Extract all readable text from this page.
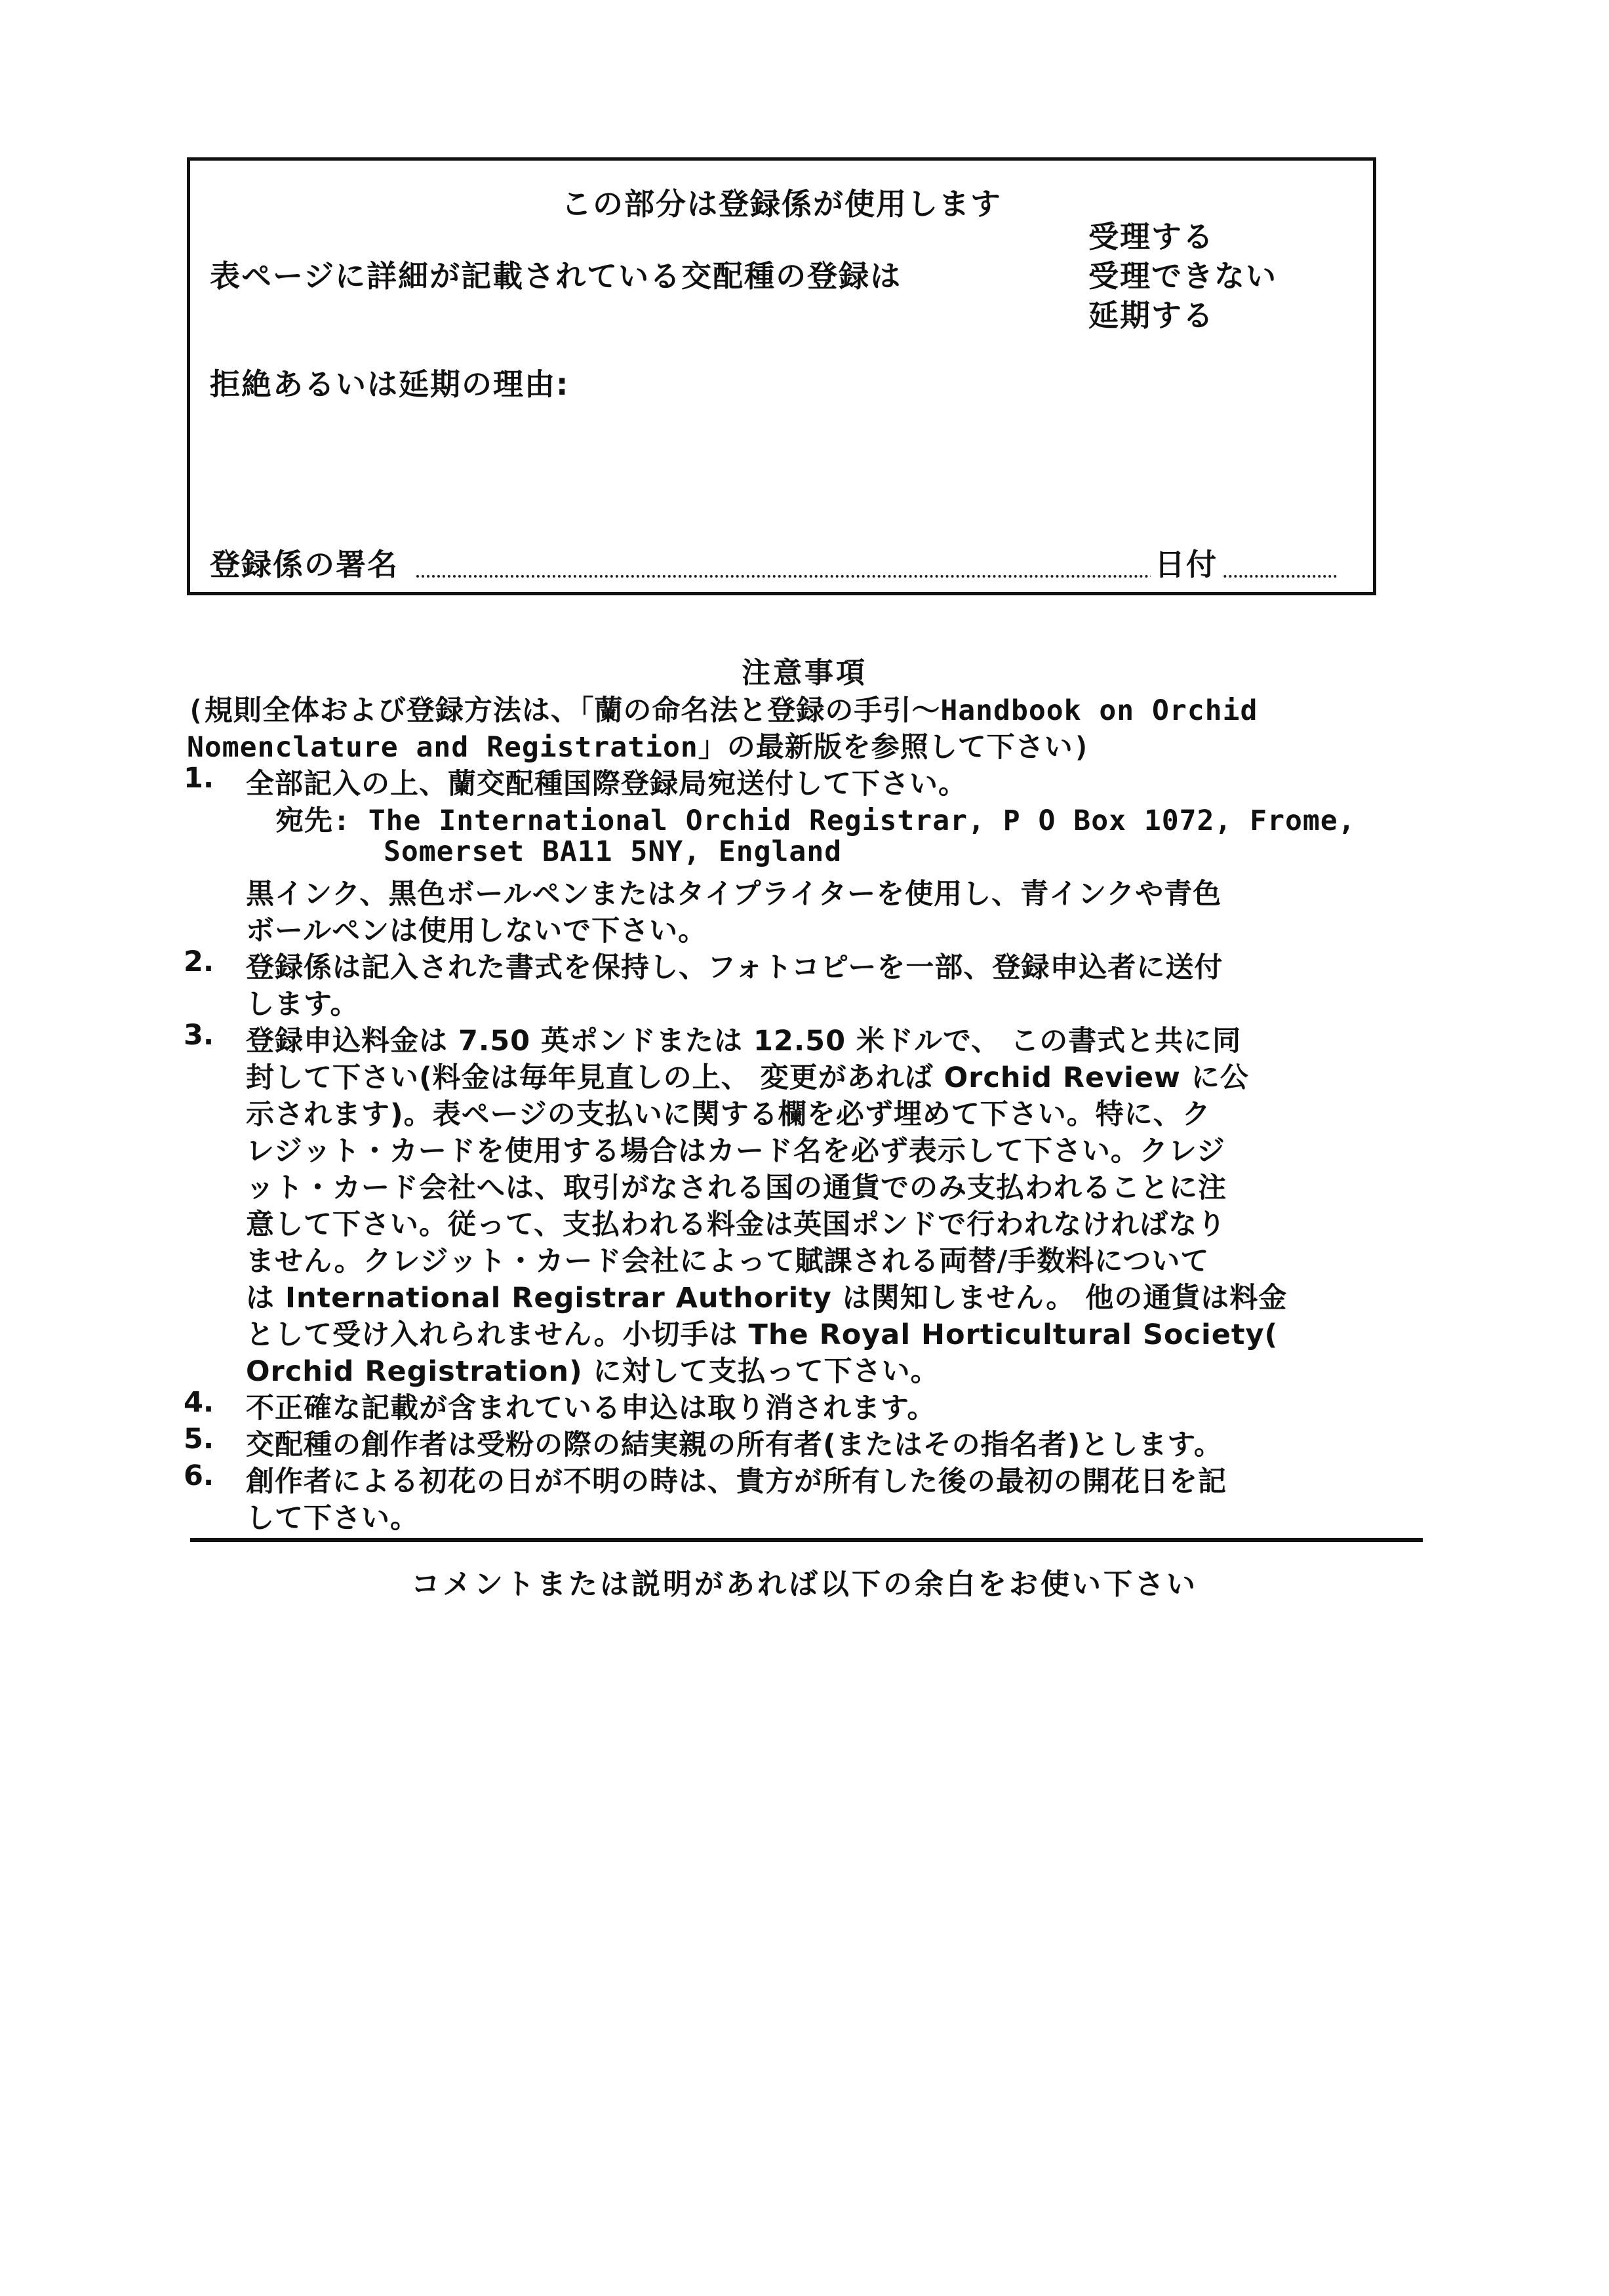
この部分は登録係が使用します
表ページに詳細が記載されている交配種の登録は
受理する
受理できない
延期する
拒絶あるいは延期の理由:
登録係の署名	日付
注意事項
(規則全体および登録方法は、「蘭の命名法と登録の手引〜Handbook on Orchid
Nomenclature and Registration」の最新版を参照して下さい)
1. 全部記入の上、蘭交配種国際登録局宛送付して下さい。
宛先: The International Orchid Registrar, P O Box 1072, Frome,
Somerset BA11 5NY, England
黒インク、黒色ボールペンまたはタイプライターを使用し、青インクや青色
ボールペンは使用しないで下さい。
2. 登録係は記入された書式を保持し、フォトコピーを一部、登録申込者に送付
します。
3. 登録申込料金は 7.50 英ポンドまたは 12.50 米ドルで、 この書式と共に同
封して下さい(料金は毎年見直しの上、 変更があれば Orchid Review に公
示されます)。表ページの支払いに関する欄を必ず埋めて下さい。特に、ク
レジット・カードを使用する場合はカード名を必ず表示して下さい。クレジ
ット・カード会社へは、取引がなされる国の通貨でのみ支払われることに注
意して下さい。従って、支払われる料金は英国ポンドで行われなければなり
ません。クレジット・カード会社によって賦課される両替/手数料について
は International Registrar Authority は関知しません。 他の通貨は料金
として受け入れられません。小切手は The Royal Horticultural Society(
Orchid Registration) に対して支払って下さい。
4. 不正確な記載が含まれている申込は取り消されます。
5. 交配種の創作者は受粉の際の結実親の所有者(またはその指名者)とします。
6. 創作者による初花の日が不明の時は、貴方が所有した後の最初の開花日を記
して下さい。
コメントまたは説明があれば以下の余白をお使い下さい
